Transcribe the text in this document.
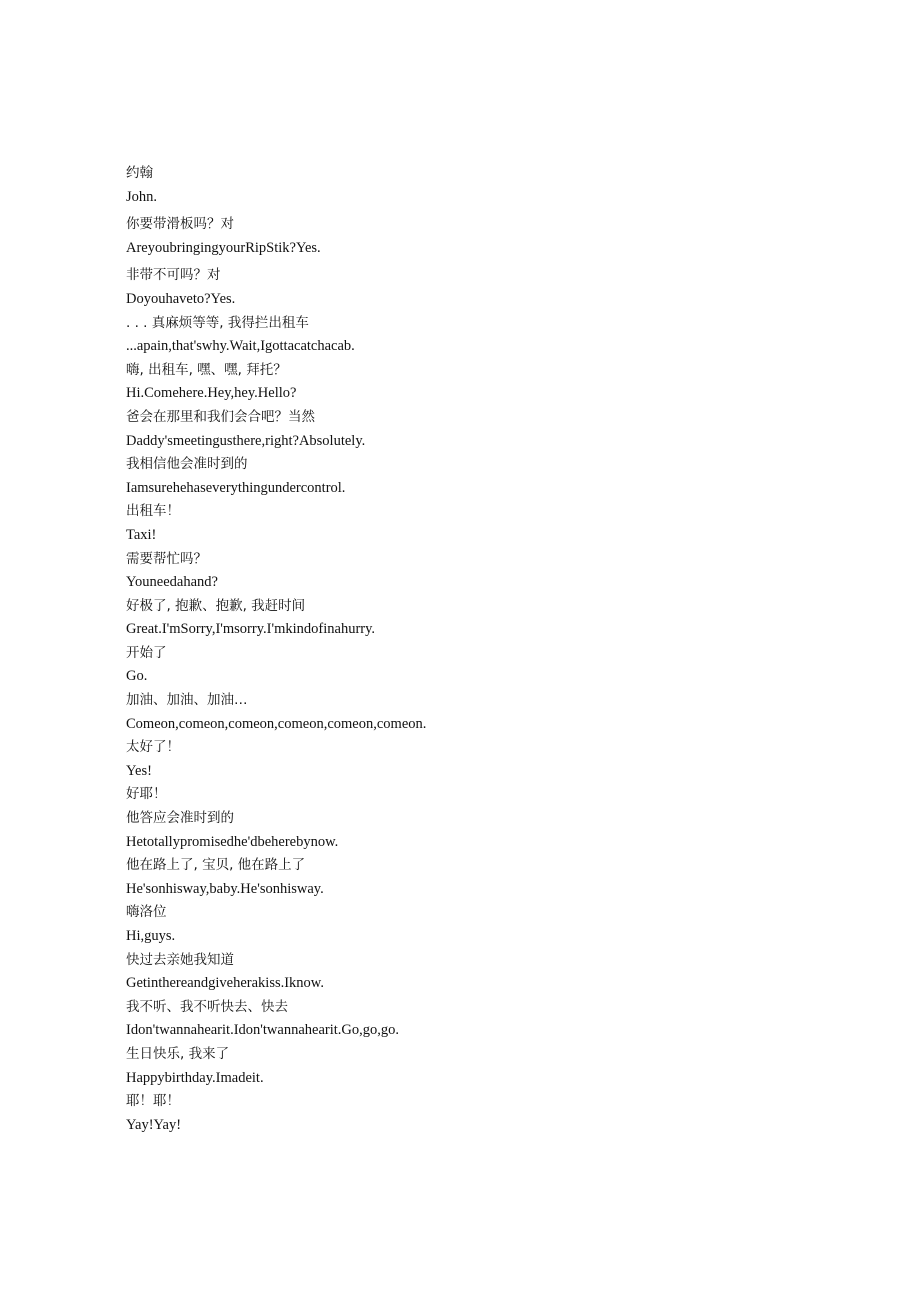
约翰
John.
你要带滑板吗？对
AreyoubringingyourRipStik?Yes.
非带不可吗？对
Doyouhaveto?Yes.
. . . 真麻烦等等, 我得拦出租车
...apain,that'swhy.Wait,Igottacatchacab.
嗨, 出租车, 嘿、嘿, 拜托？
Hi.Comehere.Hey,hey.Hello?
爸会在那里和我们会合吧？当然
Daddy'smeetingusthere,right?Absolutely.
我相信他会准时到的
Iamsurehehaseverythingundercontrol.
出租车！
Taxi!
需要帮忙吗？
Youneedahand?
好极了, 抱歉、抱歉, 我赶时间
Great.I'mSorry,I'msorry.I'mkindofinahurry.
开始了
Go.
加油、加油、加油…
Comeon,comeon,comeon,comeon,comeon,comeon.
太好了！
Yes!
好耶！
他答应会准时到的
Hetotallypromisedhe'dbeherebynow.
他在路上了, 宝贝, 他在路上了
He'sonhisway,baby.He'sonhisway.
嗨洛位
Hi,guys.
快过去亲她我知道
Getinthereandgiveherakiss.Iknow.
我不听、我不听快去、快去
Idon'twannahearit.Idon'twannahearit.Go,go,go.
生日快乐, 我来了
Happybirthday.Imadeit.
耶！耶！
Yay!Yay!
